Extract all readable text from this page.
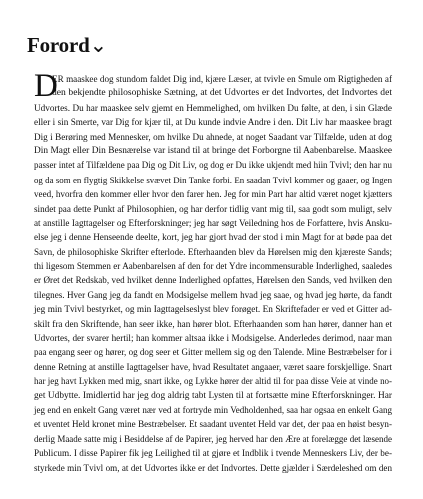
Forord⌄
D
ER maaskee dog stundom faldet Dig ind, kjære Læser, at tvivle en Smule om Rigtigheden af
den bekjendte philosophiske Sætning, at det Udvortes er det Indvortes, det Indvortes det
Udvortes. Du har maaskee selv gjemt en Hemmelighed, om hvilken Du følte, at den, i sin Glæde
eller i sin Smerte, var Dig for kjær til, at Du kunde indvie Andre i den. Dit Liv har maaskee bragt
Dig i Berøring med Mennesker, om hvilke Du ahnede, at noget Saadant var Tilfælde, uden at dog
Din Magt eller Din Besnærelse var istand til at bringe det Forborgne til Aabenbarelse. Maaskee
passer intet af Tilfældene paa Dig og Dit Liv, og dog er Du ikke ukjendt med hiin Tvivl; den har nu
og da som en flygtig Skikkelse svævet Din Tanke forbi. En saadan Tvivl kommer og gaaer, og Ingen
veed, hvorfra den kommer eller hvor den farer hen. Jeg for min Part har altid været noget kjætters
sindet paa dette Punkt af Philosophien, og har derfor tidlig vant mig til, saa godt som muligt, selv
at anstille Iagttagelser og Efterforskninger; jeg har søgt Veiledning hos de Forfattere, hvis Ansku-
else jeg i denne Henseende deelte, kort, jeg har gjort hvad der stod i min Magt for at bøde paa det
Savn, de philosophiske Skrifter efterlode. Efterhaanden blev da Hørelsen mig den kjæreste Sands;
thi ligesom Stemmen er Aabenbarelsen af den for det Ydre incommensurable Inderlighed, saaledes
er Øret det Redskab, ved hvilket denne Inderlighed opfattes, Hørelsen den Sands, ved hvilken den
tilegnes. Hver Gang jeg da fandt en Modsigelse mellem hvad jeg saae, og hvad jeg hørte, da fandt
jeg min Tvivl bestyrket, og min Iagttagelseslyst blev forøget. En Skriftefader er ved et Gitter ad-
skilt fra den Skriftende, han seer ikke, han hører blot. Efterhaanden som han hører, danner han et
Udvortes, der svarer hertil; han kommer altsaa ikke i Modsigelse. Anderledes derimod, naar man
paa engang seer og hører, og dog seer et Gitter mellem sig og den Talende. Mine Bestræbelser for i
denne Retning at anstille Iagttagelser have, hvad Resultatet angaaer, været saare forskjellige. Snart
har jeg havt Lykken med mig, snart ikke, og Lykke hører der altid til for paa disse Veie at vinde no-
get Udbytte. Imidlertid har jeg dog aldrig tabt Lysten til at fortsætte mine Efterforskninger. Har
jeg end en enkelt Gang været nær ved at fortryde min Vedholdenhed, saa har ogsaa en enkelt Gang
et uventet Held kronet mine Bestræbelser. Et saadant uventet Held var det, der paa en høist besyn-
derlig Maade satte mig i Besiddelse af de Papirer, jeg herved har den Ære at forelægge det læsende
Publicum. I disse Papirer fik jeg Leilighed til at gjøre et Indblik i tvende Menneskers Liv, der be-
styrkede min Tvivl om, at det Udvortes ikke er det Indvortes. Dette gjælder i Særdeleshed om den
